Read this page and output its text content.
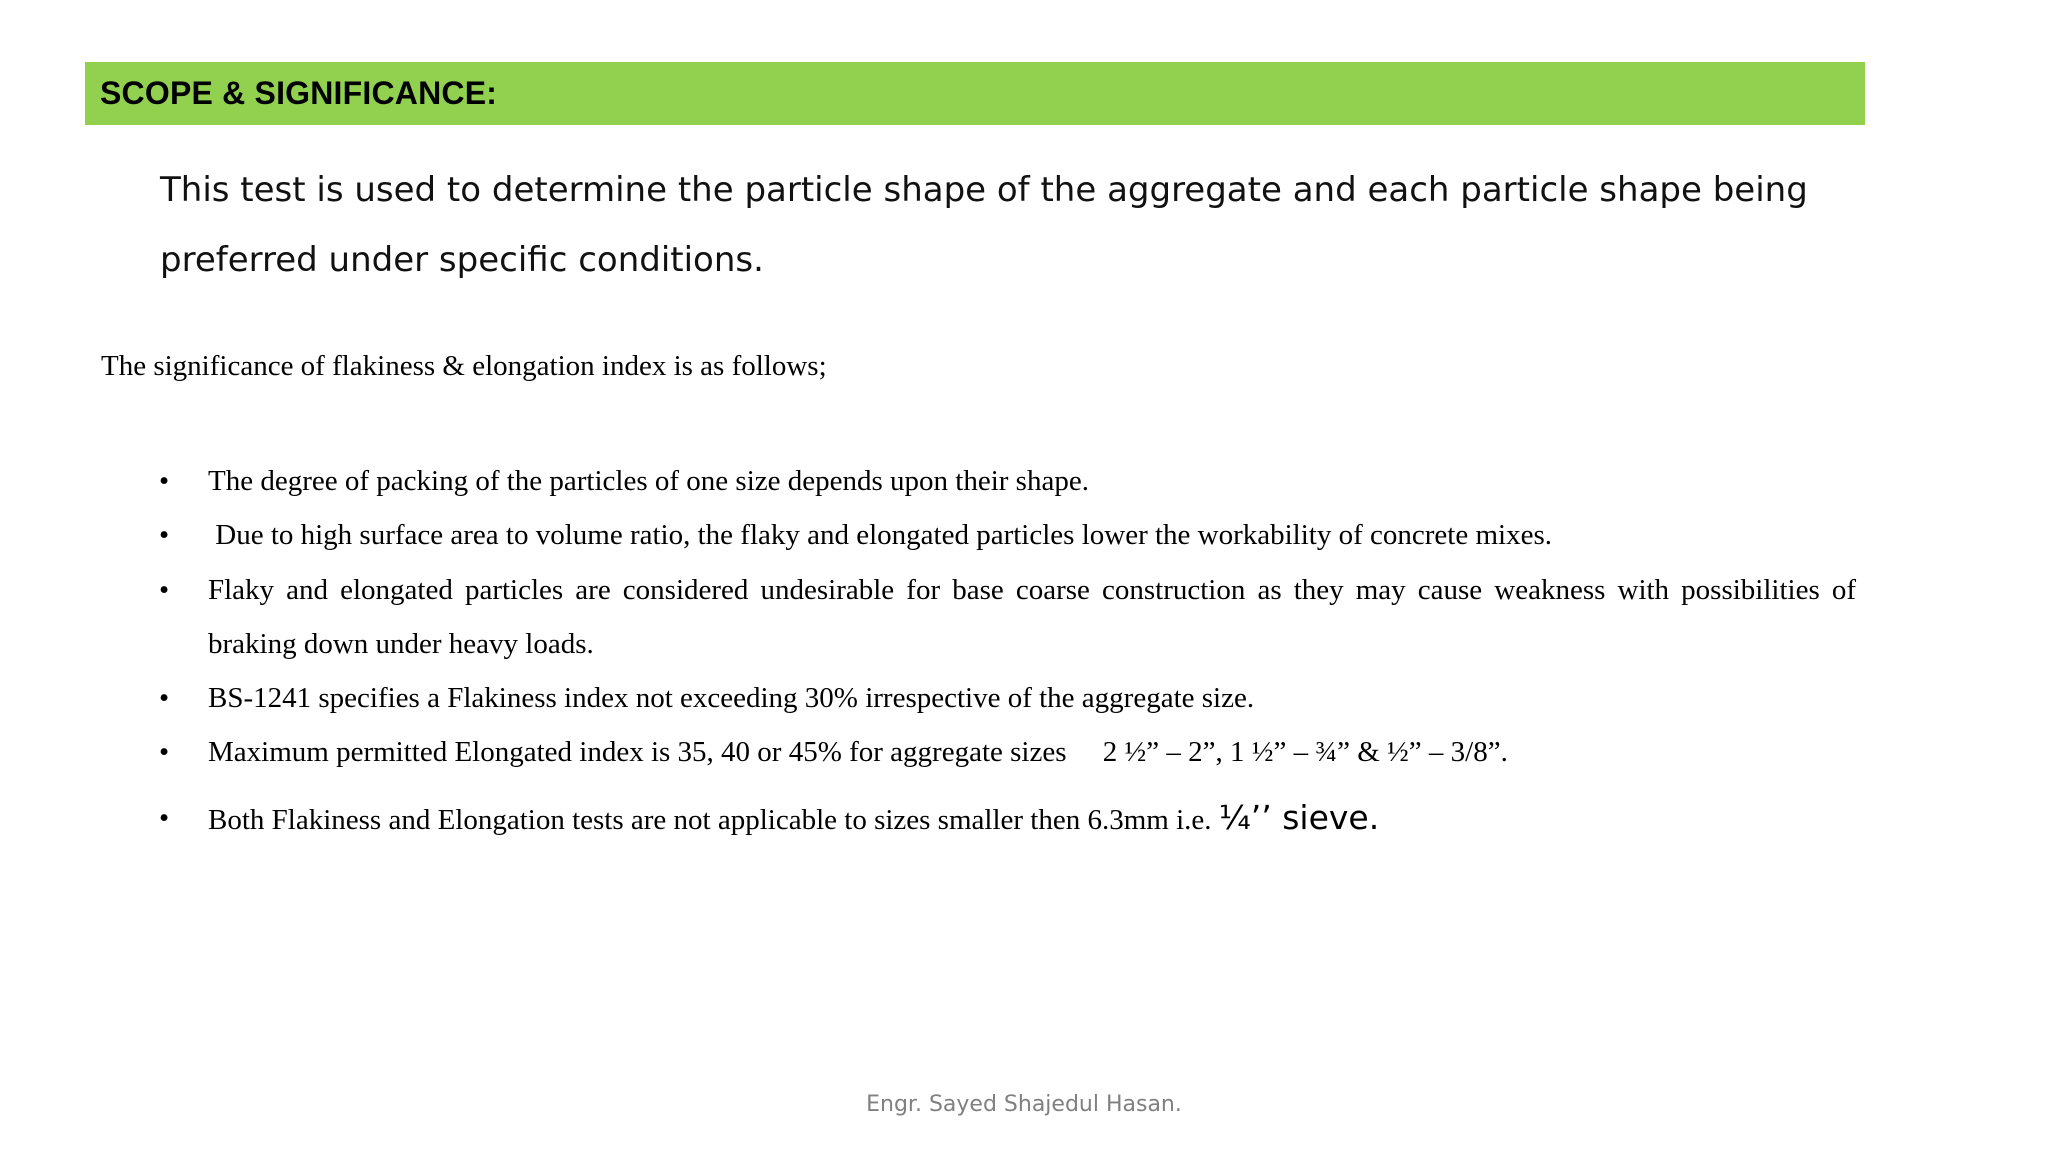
SCOPE & SIGNIFICANCE:
This test is used to determine the particle shape of the aggregate and each particle shape being preferred under specific conditions.
The significance of flakiness & elongation index is as follows;
• The degree of packing of the particles of one size depends upon their shape.
• Due to high surface area to volume ratio, the flaky and elongated particles lower the workability of concrete mixes.
• Flaky and elongated particles are considered undesirable for base coarse construction as they may cause weakness with possibilities of braking down under heavy loads.
• BS-1241 specifies a Flakiness index not exceeding 30% irrespective of the aggregate size.
• Maximum permitted Elongated index is 35, 40 or 45% for aggregate sizes     2 ½” – 2”, 1 ½” – ¾” & ½” – 3/8”.
• Both Flakiness and Elongation tests are not applicable to sizes smaller then 6.3mm i.e. ¼’’ sieve.
Engr. Sayed Shajedul Hasan.
